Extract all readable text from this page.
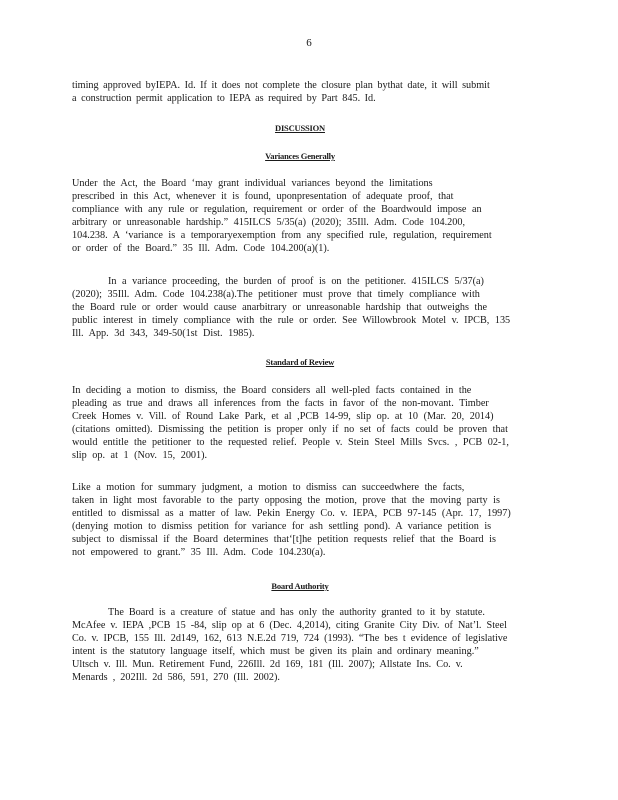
6
timing approved byIEPA. Id. If it does not complete the closure plan bythat date, it will submit
a construction permit application to IEPA as required by Part 845. Id.
DISCUSSION
Variances Generally
Under the Act, the Board ‘may grant individual variances beyond the limitations
prescribed in this Act, whenever it is found, uponpresentation of adequate proof, that
compliance with any rule or regulation, requirement or order of the Boardwould impose an
arbitrary or unreasonable hardship.” 415ILCS 5/35(a) (2020); 35Ill. Adm. Code 104.200,
104.238. A ‘variance is a temporaryexemption from any specified rule, regulation, requirement
or order of the Board.” 35 Ill. Adm. Code 104.200(a)(1).
In a variance proceeding, the burden of proof is on the petitioner. 415ILCS 5/37(a)
(2020); 35Ill. Adm. Code 104.238(a).The petitioner must prove that timely compliance with
the Board rule or order would cause anarbitrary or unreasonable hardship that outweighs the
public interest in timely compliance with the rule or order. See Willowbrook Motel v. IPCB, 135
Ill. App. 3d 343, 349-50(1st Dist. 1985).
Standard of Review
In deciding a motion to dismiss, the Board considers all well-pled facts contained in the
pleading as true and draws all inferences from the facts in favor of the non-movant. Timber
Creek Homes v. Vill. of Round Lake Park, et al ,PCB 14-99, slip op. at 10 (Mar. 20, 2014)
(citations omitted). Dismissing the petition is proper only if no set of facts could be proven that
would entitle the petitioner to the requested relief. People v. Stein Steel Mills Svcs. , PCB 02-1,
slip op. at 1 (Nov. 15, 2001).
Like a motion for summary judgment, a motion to dismiss can succeedwhere the facts,
taken in light most favorable to the party opposing the motion, prove that the moving party is
entitled to dismissal as a matter of law. Pekin Energy Co. v. IEPA, PCB 97-145 (Apr. 17, 1997)
(denying motion to dismiss petition for variance for ash settling pond). A variance petition is
subject to dismissal if the Board determines that‘[t]he petition requests relief that the Board is
not empowered to grant.” 35 Ill. Adm. Code 104.230(a).
Board Authority
The Board is a creature of statue and has only the authority granted to it by statute.
McAfee v. IEPA ,PCB 15 -84, slip op at 6 (Dec. 4,2014), citing Granite City Div. of Nat’l. Steel
Co. v. IPCB, 155 Ill. 2d149, 162, 613 N.E.2d 719, 724 (1993). “The bes t evidence of legislative
intent is the statutory language itself, which must be given its plain and ordinary meaning.”
Ultsch v. Ill. Mun. Retirement Fund, 226Ill. 2d 169, 181 (Ill. 2007); Allstate Ins. Co. v.
Menards , 202Ill. 2d 586, 591, 270 (Ill. 2002).
